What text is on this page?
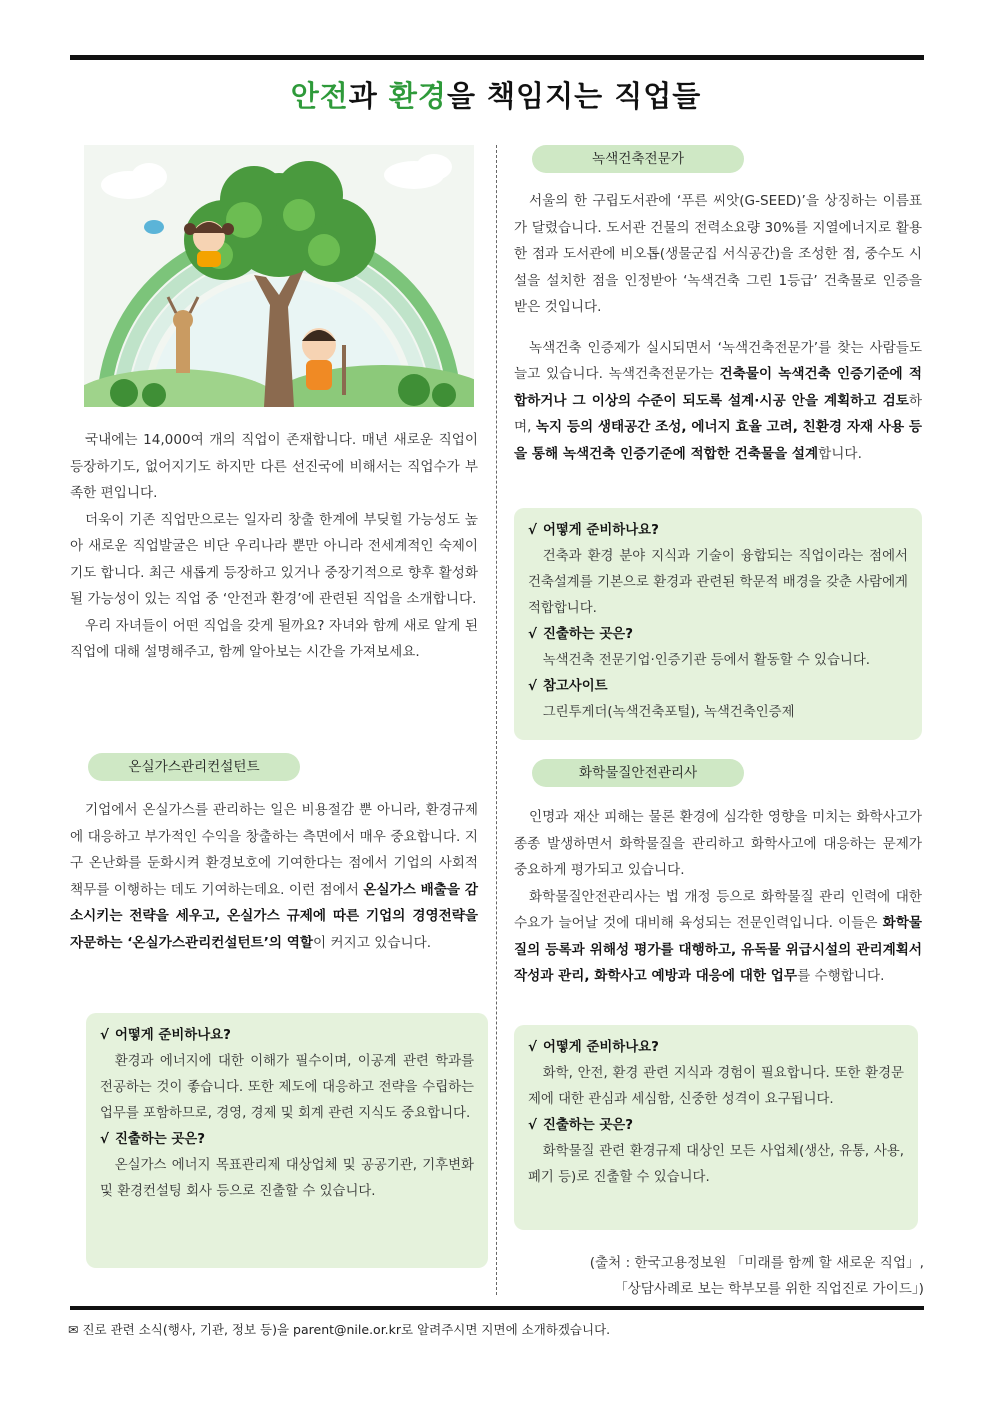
안전과 환경을 책임지는 직업들

국내에는 14,000여 개의 직업이 존재합니다. 매년 새로운 직업이 등장하기도, 없어지기도 하지만 다른 선진국에 비해서는 직업수가 부족한 편입니다.

더욱이 기존 직업만으로는 일자리 창출 한계에 부딪힐 가능성도 높아 새로운 직업발굴은 비단 우리나라 뿐만 아니라 전세계적인 숙제이기도 합니다. 최근 새롭게 등장하고 있거나 중장기적으로 향후 활성화될 가능성이 있는 직업 중 ‘안전과 환경’에 관련된 직업을 소개합니다.

우리 자녀들이 어떤 직업을 갖게 될까요? 자녀와 함께 새로 알게 된 직업에 대해 설명해주고, 함께 알아보는 시간을 가져보세요.

온실가스관리컨설턴트

기업에서 온실가스를 관리하는 일은 비용절감 뿐 아니라, 환경규제에 대응하고 부가적인 수익을 창출하는 측면에서 매우 중요합니다. 지구 온난화를 둔화시켜 환경보호에 기여한다는 점에서 기업의 사회적 책무를 이행하는 데도 기여하는데요. 이런 점에서 온실가스 배출을 감소시키는 전략을 세우고, 온실가스 규제에 따른 기업의 경영전략을 자문하는 ‘온실가스관리컨설턴트’의 역할이 커지고 있습니다.

√ 어떻게 준비하나요?
환경과 에너지에 대한 이해가 필수이며, 이공계 관련 학과를 전공하는 것이 좋습니다. 또한 제도에 대응하고 전략을 수립하는 업무를 포함하므로, 경영, 경제 및 회계 관련 지식도 중요합니다.
√ 진출하는 곳은?
온실가스 에너지 목표관리제 대상업체 및 공공기관, 기후변화 및 환경컨설팅 회사 등으로 진출할 수 있습니다.
녹색건축전문가

서울의 한 구립도서관에 ‘푸른 씨앗(G-SEED)’을 상징하는 이름표가 달렸습니다. 도서관 건물의 전력소요량 30%를 지열에너지로 활용한 점과 도서관에 비오톱(생물군집 서식공간)을 조성한 점, 중수도 시설을 설치한 점을 인정받아 ‘녹색건축 그린 1등급’ 건축물로 인증을 받은 것입니다.

녹색건축 인증제가 실시되면서 ‘녹색건축전문가’를 찾는 사람들도 늘고 있습니다. 녹색건축전문가는 건축물이 녹색건축 인증기준에 적합하거나 그 이상의 수준이 되도록 설계·시공 안을 계획하고 검토하며, 녹지 등의 생태공간 조성, 에너지 효율 고려, 친환경 자재 사용 등을 통해 녹색건축 인증기준에 적합한 건축물을 설계합니다.

√ 어떻게 준비하나요?
건축과 환경 분야 지식과 기술이 융합되는 직업이라는 점에서 건축설계를 기본으로 환경과 관련된 학문적 배경을 갖춘 사람에게 적합합니다.
√ 진출하는 곳은?
녹색건축 전문기업·인증기관 등에서 활동할 수 있습니다.
√ 참고사이트
그린투게더(녹색건축포털), 녹색건축인증제
화학물질안전관리사

인명과 재산 피해는 물론 환경에 심각한 영향을 미치는 화학사고가 종종 발생하면서 화학물질을 관리하고 화학사고에 대응하는 문제가 중요하게 평가되고 있습니다.

화학물질안전관리사는 법 개정 등으로 화학물질 관리 인력에 대한 수요가 늘어날 것에 대비해 육성되는 전문인력입니다. 이들은 화학물질의 등록과 위해성 평가를 대행하고, 유독물 위급시설의 관리계획서 작성과 관리, 화학사고 예방과 대응에 대한 업무를 수행합니다.

√ 어떻게 준비하나요?
화학, 안전, 환경 관련 지식과 경험이 필요합니다. 또한 환경문제에 대한 관심과 세심함, 신중한 성격이 요구됩니다.
√ 진출하는 곳은?
화학물질 관련 환경규제 대상인 모든 사업체(생산, 유통, 사용, 폐기 등)로 진출할 수 있습니다.
(출처 : 한국고용정보원 「미래를 함께 할 새로운 직업」,
「상담사례로 보는 학부모를 위한 직업진로 가이드」)
✉ 진로 관련 소식(행사, 기관, 정보 등)을 parent@nile.or.kr로 알려주시면 지면에 소개하겠습니다.
